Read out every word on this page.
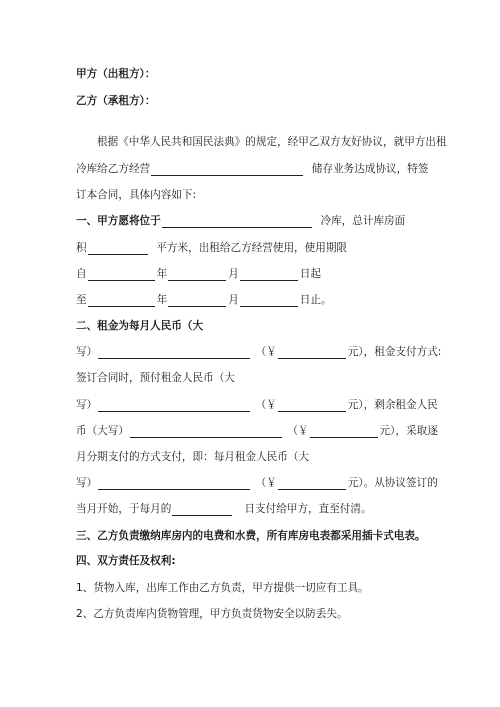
甲方（出租方）：
乙方（承租方）：
根据《中华人民共和国民法典》的规定，经甲乙双方友好协议，就甲方出租
冷库给乙方经营	储存业务达成协议，特签
订本合同，具体内容如下:
一、甲方愿将位于	冷库，总计库房面
积	平方米，出租给乙方经营使用，使用期限
自	年	月	日起
至	年	月	日止。
二、租金为每月人民币（大
写）	（￥	元），租金支付方式:
签订合同时，预付租金人民币（大
写）	（￥	元），剩余租金人民
币（大写）	（￥	元），采取逐
月分期支付的方式支付，即：每月租金人民币（大
写）	（￥	元）。从协议签订的
当月开始，于每月的	日支付给甲方，直至付清。
三、乙方负责缴纳库房内的电费和水费，所有库房电表都采用插卡式电表。
四、双方责任及权利:
1、货物入库，出库工作由乙方负责，甲方提供一切应有工具。
2、乙方负责库内货物管理，甲方负责货物安全以防丢失。
